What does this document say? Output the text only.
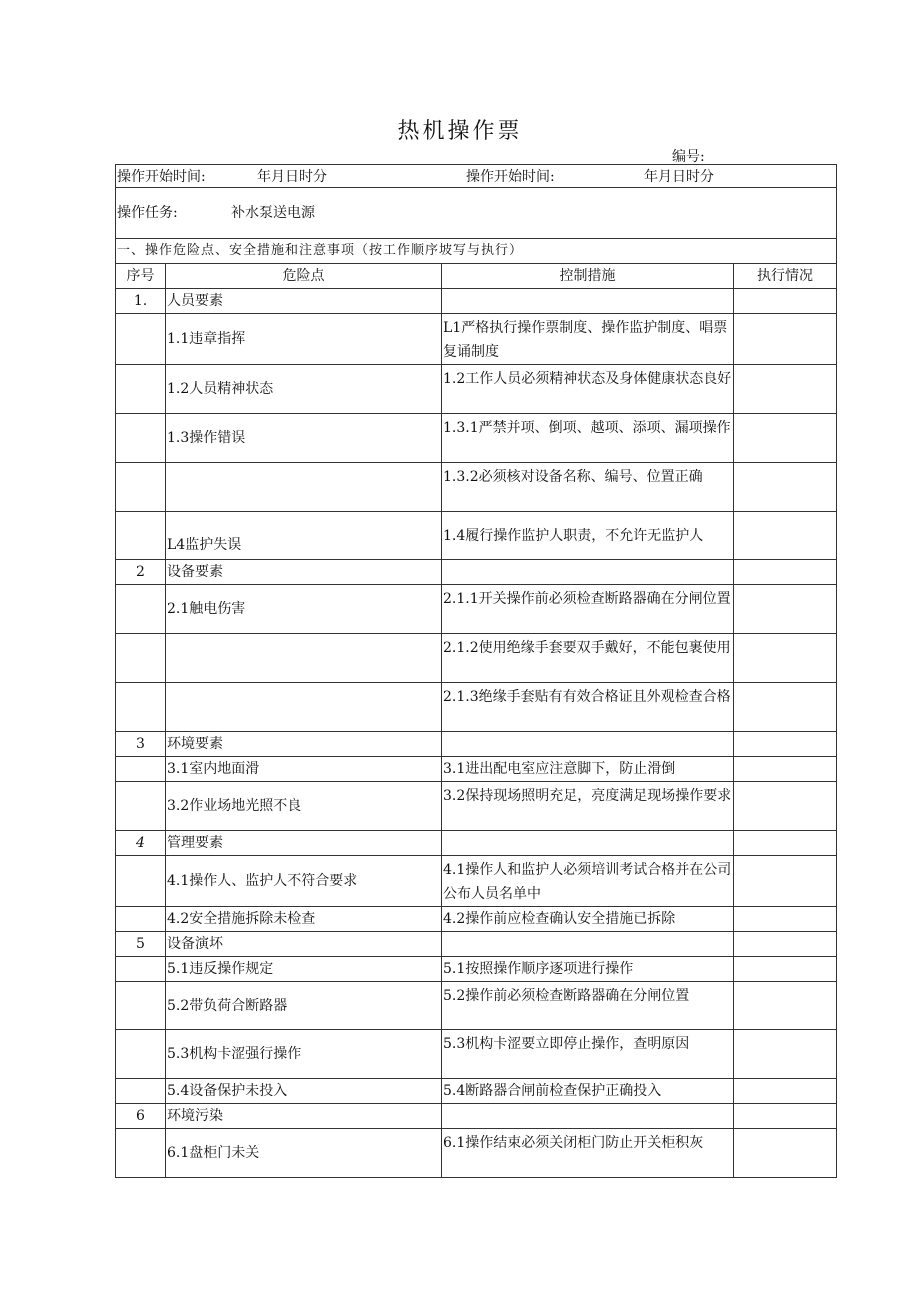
热机操作票
编号:
操作开始时间: 年月日时分 操作开始时间: 年月日时分			

操作任务: 补水泵送电源			

一、操作危险点、安全措施和注意事项（按工作顺序坡写与执行）			
序号	危险点	控制措施	执行情况
1.	人员要素		
	1.1违章指挥	L1严格执行操作票制度、操作监护制度、唱票复诵制度	
	1.2人员精神状态	1.2工作人员必须精神状态及身体健康状态良好	
	1.3操作错误	1.3.1严禁并项、倒项、越项、添项、漏项操作	
		1.3.2必须核对设备名称、编号、位置正确	
	L4监护失误	1.4履行操作监护人职责，不允许无监护人	
2	设备要素		
	2.1触电伤害	2.1.1开关操作前必须检查断路器确在分闸位置	
		2.1.2使用绝缘手套要双手戴好，不能包裹使用	
		2.1.3绝缘手套贴有有效合格证且外观检查合格	
3	环境要素		
	3.1室内地面滑	3.1进出配电室应注意脚下，防止滑倒	
	3.2作业场地光照不良	3.2保持现场照明充足，亮度满足现场操作要求	
4	管理要素		
	4.1操作人、监护人不符合要求	4.1操作人和监护人必须培训考试合格并在公司公布人员名单中	
	4.2安全措施拆除未检查	4.2操作前应检查确认安全措施已拆除	
5	设备演坏		
	5.1违反操作规定	5.1按照操作顺序逐项进行操作	
	5.2带负荷合断路器	5.2操作前必须检查断路器确在分闸位置	
	5.3机构卡涩强行操作	5.3机构卡涩要立即停止操作，查明原因	
	5.4设备保护未投入	5.4断路器合闸前检查保护正确投入	
6	环境污染		
	6.1盘柜门未关	6.1操作结束必须关闭柜门防止开关柜积灰	
